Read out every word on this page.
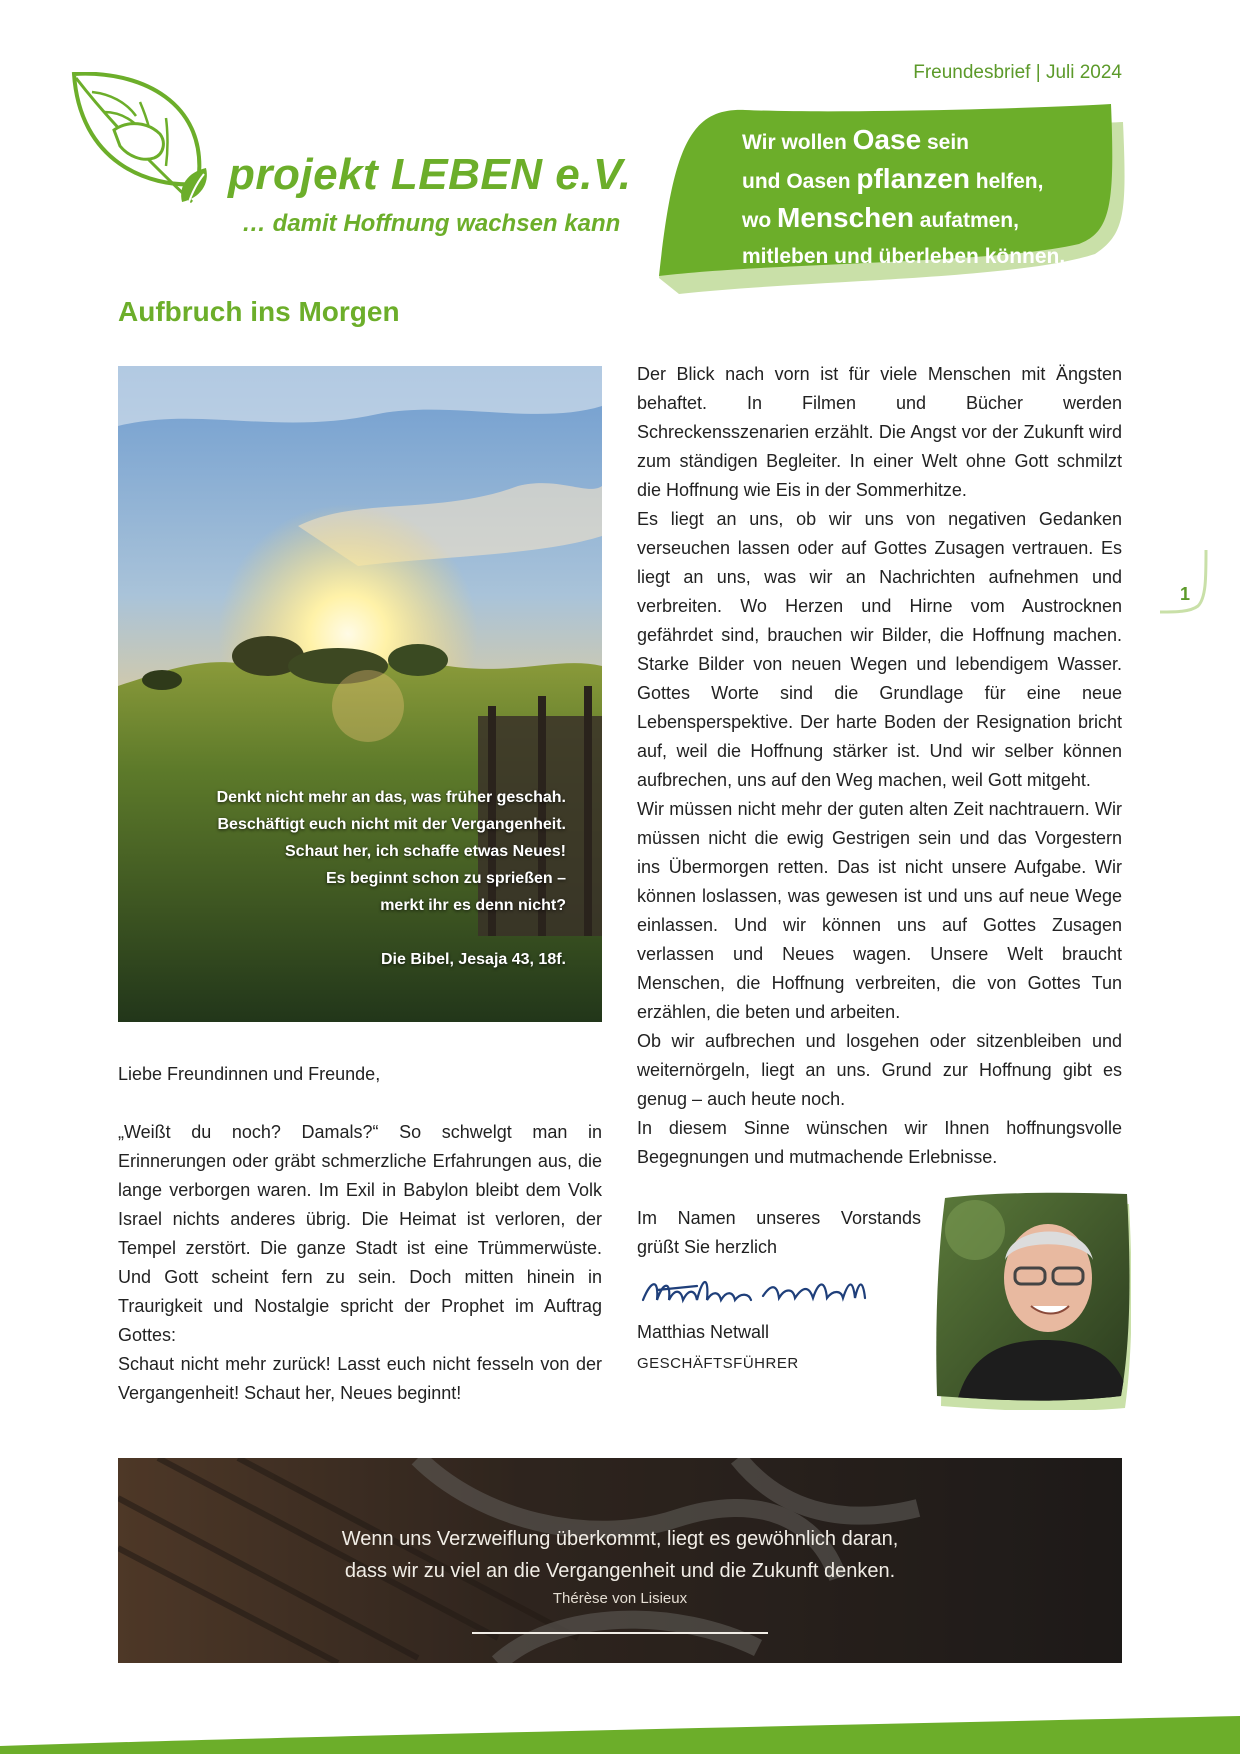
Freundesbrief | Juli 2024
projekt LEBEN e.V.
… damit Hoffnung wachsen kann
Wir wollen Oase sein
und Oasen pflanzen helfen,
wo Menschen aufatmen,
mitleben und überleben können.
Aufbruch ins Morgen
Denkt nicht mehr an das, was früher geschah.
Beschäftigt euch nicht mit der Vergangenheit.
Schaut her, ich schaffe etwas Neues!
Es beginnt schon zu sprießen –
merkt ihr es denn nicht?
Die Bibel, Jesaja 43, 18f.

Liebe Freundinnen und Freunde,

„Weißt du noch? Damals?“ So schwelgt man in Erinnerungen oder gräbt schmerzliche Erfahrungen aus, die lange verborgen waren. Im Exil in Babylon bleibt dem Volk Israel nichts anderes übrig. Die Heimat ist verloren, der Tempel zerstört. Die ganze Stadt ist eine Trümmerwüste. Und Gott scheint fern zu sein. Doch mitten hinein in Traurigkeit und Nostalgie spricht der Prophet im Auftrag Gottes:

Schaut nicht mehr zurück! Lasst euch nicht fesseln von der Vergangenheit! Schaut her, Neues beginnt!

Der Blick nach vorn ist für viele Menschen mit Ängsten behaftet. In Filmen und Bücher werden Schreckensszenarien erzählt. Die Angst vor der Zukunft wird zum ständigen Begleiter. In einer Welt ohne Gott schmilzt die Hoffnung wie Eis in der Sommerhitze.

Es liegt an uns, ob wir uns von negativen Gedanken verseuchen lassen oder auf Gottes Zusagen vertrauen. Es liegt an uns, was wir an Nachrichten aufnehmen und verbreiten. Wo Herzen und Hirne vom Austrocknen gefährdet sind, brauchen wir Bilder, die Hoffnung machen. Starke Bilder von neuen Wegen und lebendigem Wasser. Gottes Worte sind die Grundlage für eine neue Lebensperspektive. Der harte Boden der Resignation bricht auf, weil die Hoffnung stärker ist. Und wir selber können aufbrechen, uns auf den Weg machen, weil Gott mitgeht.

Wir müssen nicht mehr der guten alten Zeit nachtrauern. Wir müssen nicht die ewig Gestrigen sein und das Vorgestern ins Übermorgen retten. Das ist nicht unsere Aufgabe. Wir können loslassen, was gewesen ist und uns auf neue Wege einlassen. Und wir können uns auf Gottes Zusagen verlassen und Neues wagen. Unsere Welt braucht Menschen, die Hoffnung verbreiten, die von Gottes Tun erzählen, die beten und arbeiten.

Ob wir aufbrechen und losgehen oder sitzenbleiben und weiternörgeln, liegt an uns. Grund zur Hoffnung gibt es genug – auch heute noch.

In diesem Sinne wünschen wir Ihnen hoffnungsvolle Begegnungen und mutmachende Erlebnisse.

Im Namen unseres Vorstands grüßt Sie herzlich
Matthias Netwall
GESCHÄFTSFÜHRER
1
Wenn uns Verzweiflung überkommt, liegt es gewöhnlich daran,
dass wir zu viel an die Vergangenheit und die Zukunft denken.
Thérèse von Lisieux
